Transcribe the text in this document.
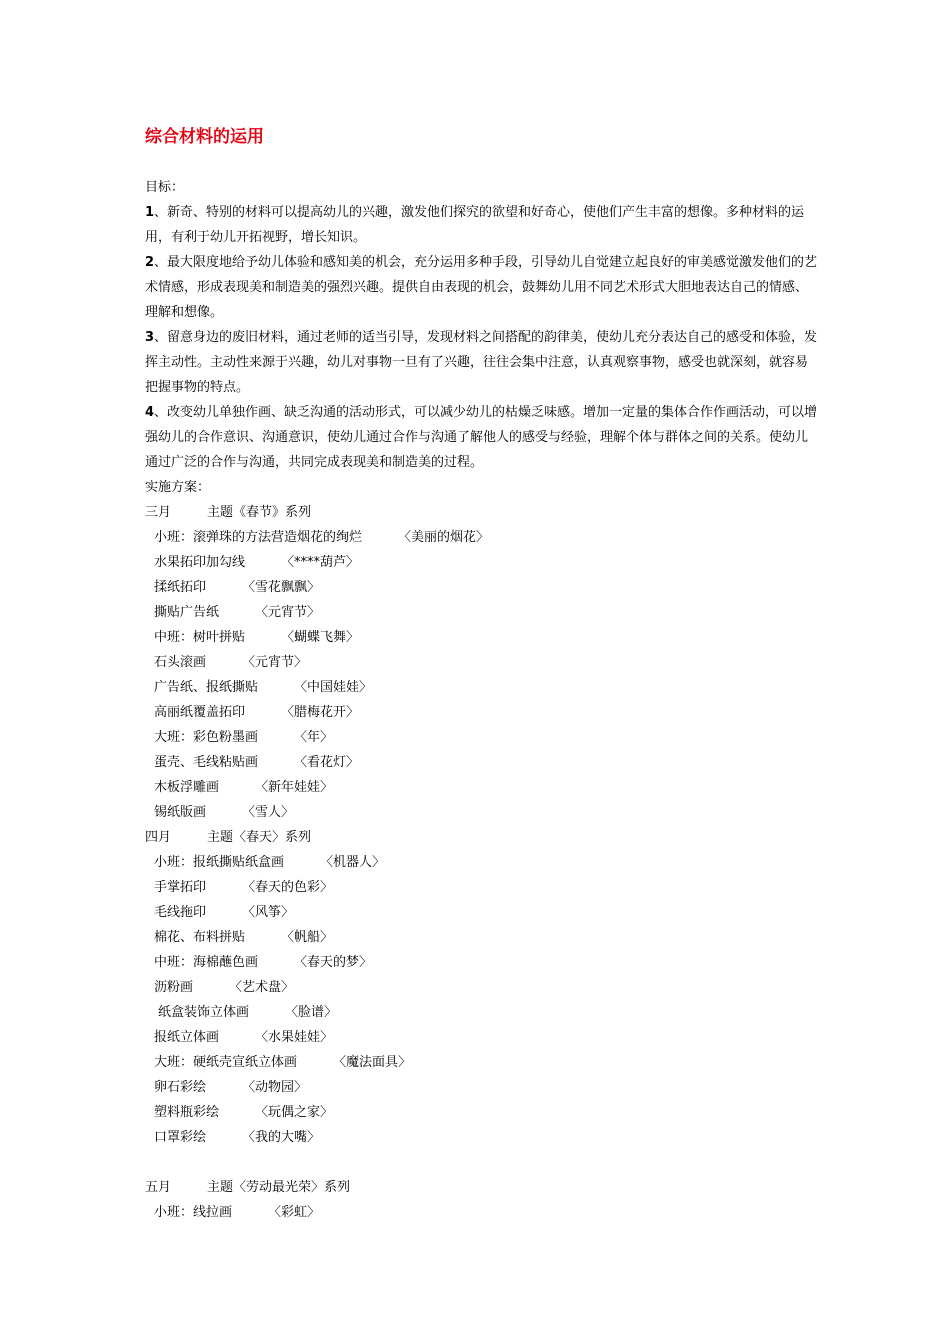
综合材料的运用
目标：
1、新奇、特别的材料可以提高幼儿的兴趣，激发他们探究的欲望和好奇心，使他们产生丰富的想像。多种材料的运用，有利于幼儿开拓视野，增长知识。
2、最大限度地给予幼儿体验和感知美的机会，充分运用多种手段，引导幼儿自觉建立起良好的审美感觉激发他们的艺术情感，形成表现美和制造美的强烈兴趣。提供自由表现的机会，鼓舞幼儿用不同艺术形式大胆地表达自己的情感、理解和想像。
3、留意身边的废旧材料，通过老师的适当引导，发现材料之间搭配的韵律美，使幼儿充分表达自己的感受和体验，发挥主动性。主动性来源于兴趣，幼儿对事物一旦有了兴趣，往往会集中注意，认真观察事物，感受也就深刻，就容易把握事物的特点。
4、改变幼儿单独作画、缺乏沟通的活动形式，可以减少幼儿的枯燥乏味感。增加一定量的集体合作作画活动，可以增强幼儿的合作意识、沟通意识，使幼儿通过合作与沟通了解他人的感受与经验，理解个体与群体之间的关系。使幼儿通过广泛的合作与沟通，共同完成表现美和制造美的过程。
实施方案：
三月	主题《春节》系列
小班：滚弹珠的方法营造烟花的绚烂	〈美丽的烟花〉
水果拓印加勾线	〈****葫芦〉
揉纸拓印	〈雪花飘飘〉
撕贴广告纸	〈元宵节〉
中班：树叶拼贴	〈蝴蝶飞舞〉
石头滚画	〈元宵节〉
广告纸、报纸撕贴	〈中国娃娃〉
高丽纸覆盖拓印	〈腊梅花开〉
大班：彩色粉墨画	〈年〉
蛋壳、毛线粘贴画	〈看花灯〉
木板浮雕画	〈新年娃娃〉
锡纸版画	〈雪人〉
四月	主题〈春天〉系列
小班：报纸撕贴纸盒画	〈机器人〉
手掌拓印	〈春天的色彩〉
毛线拖印	〈风筝〉
棉花、布料拼贴	〈帆船〉
中班：海棉蘸色画	〈春天的梦〉
沥粉画	〈艺术盘〉
纸盒装饰立体画	〈脸谱〉
报纸立体画	〈水果娃娃〉
大班：硬纸壳宣纸立体画	〈魔法面具〉
卵石彩绘	〈动物园〉
塑料瓶彩绘	〈玩偶之家〉
口罩彩绘	〈我的大嘴〉
五月	主题〈劳动最光荣〉系列
小班：线拉画	〈彩虹〉
